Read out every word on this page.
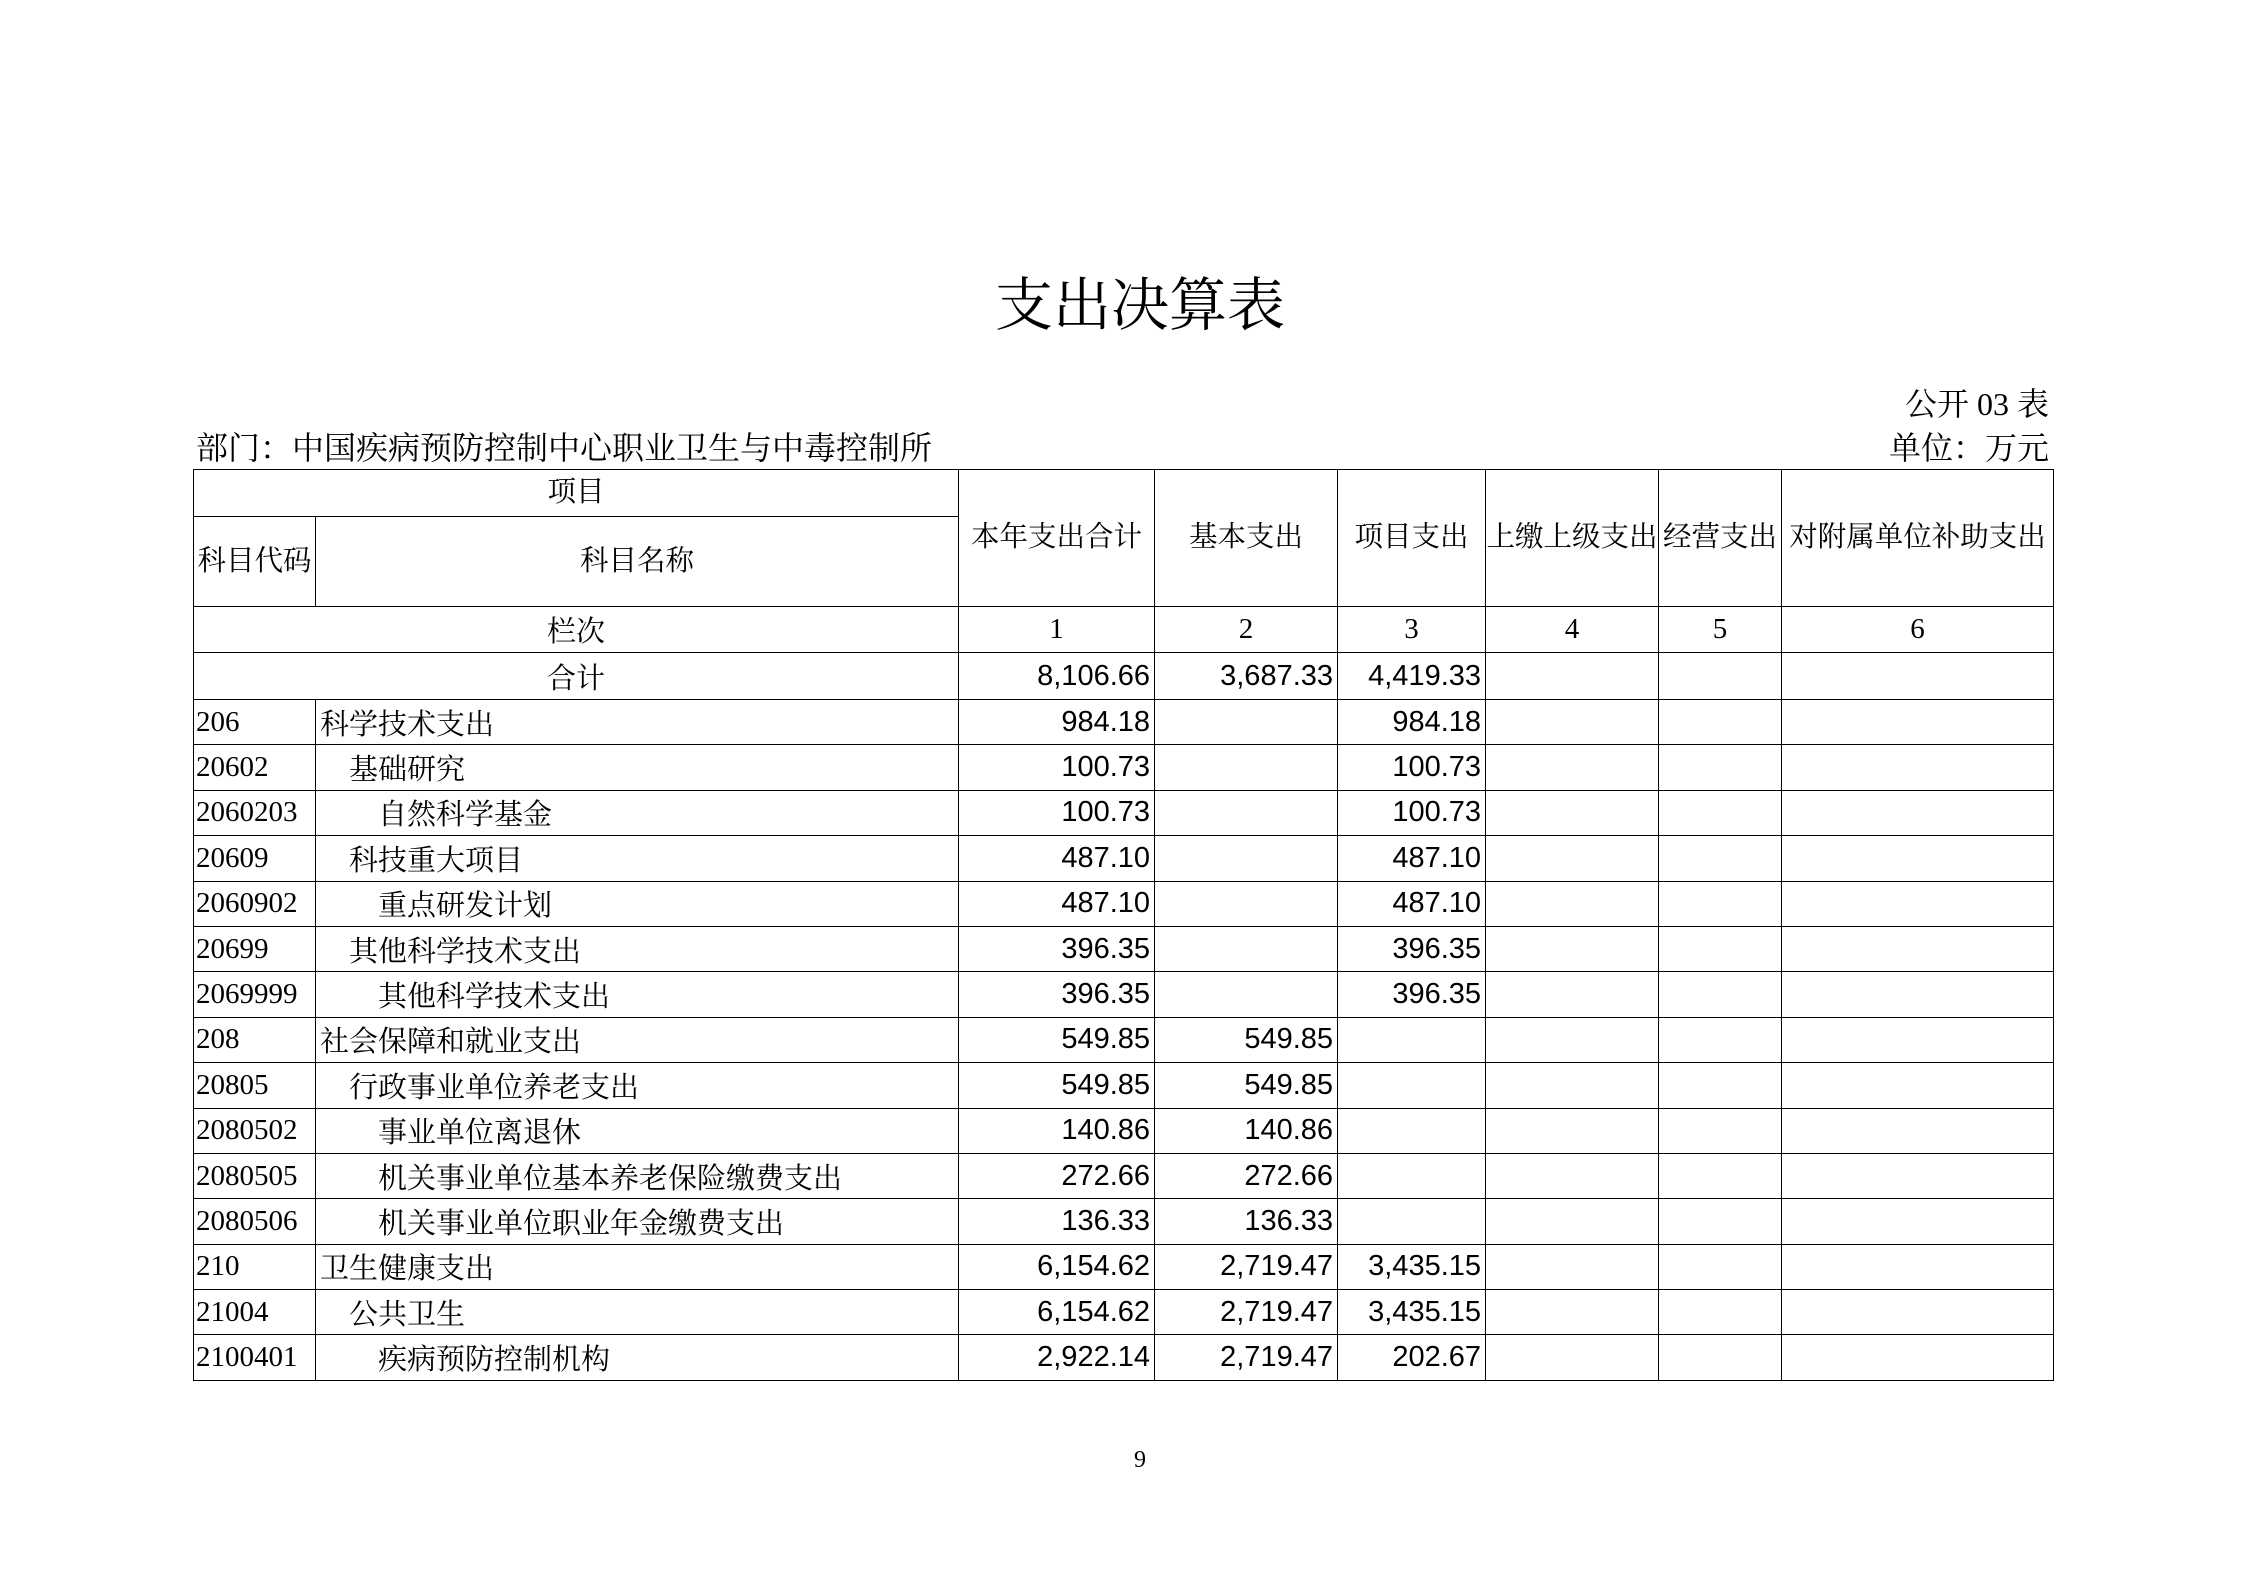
支出决算表
公开 03 表
部门：中国疾病预防控制中心职业卫生与中毒控制所	单位：万元
项目		本年支出合计	基本支出	项目支出	上缴上级支出	经营支出	对附属单位补助支出
科目代码	科目名称						
栏次		1	2	3	4	5	6
合计		8,106.66	3,687.33	4,419.33			
206	科学技术支出	984.18		984.18			
20602	基础研究	100.73		100.73			
2060203	自然科学基金	100.73		100.73			
20609	科技重大项目	487.10		487.10			
2060902	重点研发计划	487.10		487.10			
20699	其他科学技术支出	396.35		396.35			
2069999	其他科学技术支出	396.35		396.35			
208	社会保障和就业支出	549.85	549.85				
20805	行政事业单位养老支出	549.85	549.85				
2080502	事业单位离退休	140.86	140.86				
2080505	机关事业单位基本养老保险缴费支出	272.66	272.66				
2080506	机关事业单位职业年金缴费支出	136.33	136.33				
210	卫生健康支出	6,154.62	2,719.47	3,435.15			
21004	公共卫生	6,154.62	2,719.47	3,435.15			
2100401	疾病预防控制机构	2,922.14	2,719.47	202.67			
9
